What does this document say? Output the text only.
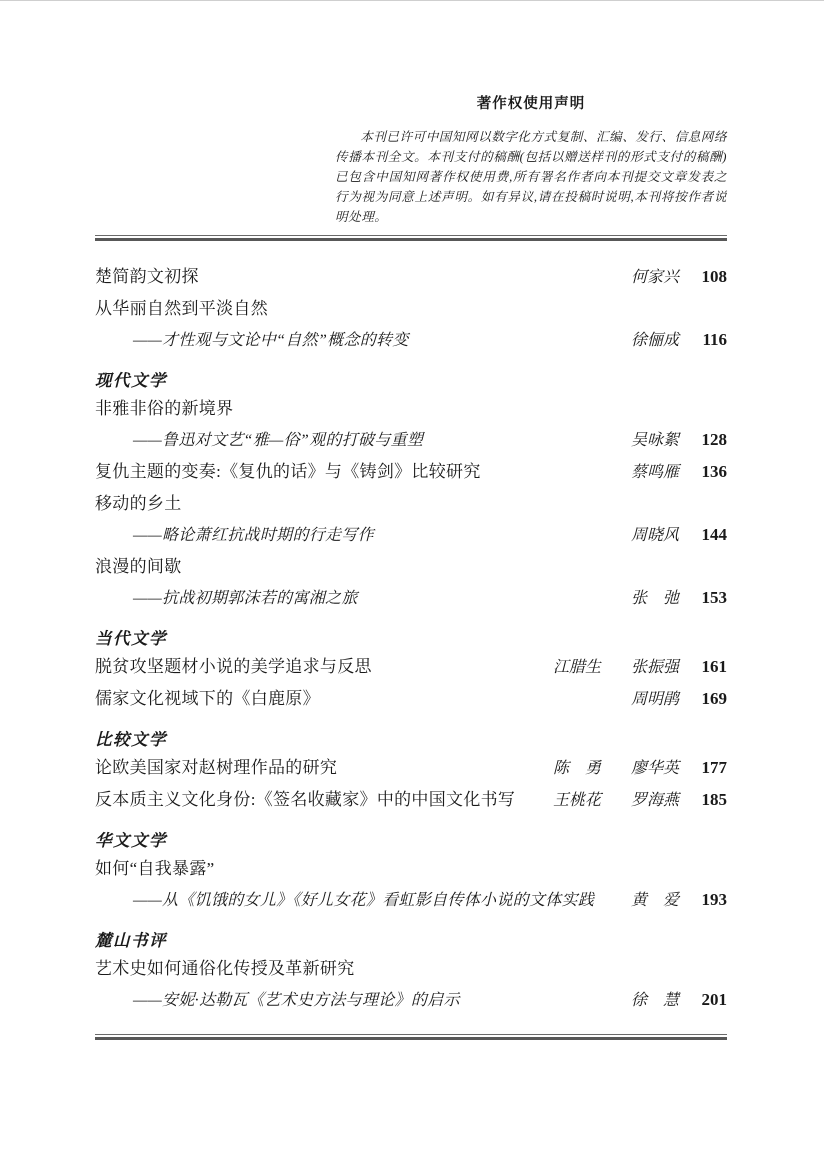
著作权使用声明

本刊已许可中国知网以数字化方式复制、汇编、发行、信息网络传播本刊全文。本刊支付的稿酬(包括以赠送样刊的形式支付的稿酬)已包含中国知网著作权使用费,所有署名作者向本刊提交文章发表之行为视为同意上述声明。如有异议,请在投稿时说明,本刊将按作者说明处理。

楚简韵文初探	何家兴	108
从华丽自然到平淡自然
——才性观与文论中“自然”概念的转变	徐俪成	116
现代文学
非雅非俗的新境界
——鲁迅对文艺“雅—俗”观的打破与重塑	吴咏絮	128
复仇主题的变奏:《复仇的话》与《铸剑》比较研究	蔡鸣雁	136
移动的乡土
——略论萧红抗战时期的行走写作	周晓风	144
浪漫的间歇
——抗战初期郭沫若的寓湘之旅	张　弛	153
当代文学
脱贫攻坚题材小说的美学追求与反思	江腊生	张振强	161
儒家文化视域下的《白鹿原》	周明鹃	169
比较文学
论欧美国家对赵树理作品的研究	陈　勇	廖华英	177
反本质主义文化身份:《签名收藏家》中的中国文化书写	王桃花	罗海燕	185
华文文学
如何“自我暴露”
——从《饥饿的女儿》《好儿女花》看虹影自传体小说的文体实践	黄　爱	193
麓山书评
艺术史如何通俗化传授及革新研究
——安妮·达勒瓦《艺术史方法与理论》的启示	徐　慧	201
